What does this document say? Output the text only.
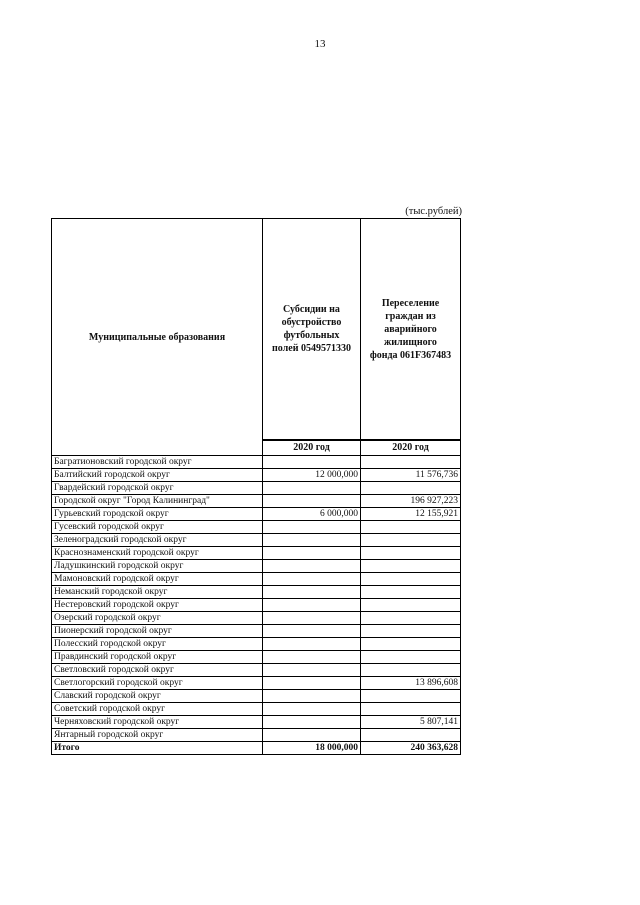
13
(тыс.рублей)
Муниципальные образования	Субсидии на обустройство футбольных полей 0549571330	Переселение граждан из аварийного жилищного фонда 061F367483
	2020 год	2020 год
Багратионовский городской округ		
Балтийский городской округ	12 000,000	11 576,736
Гвардейский городской округ		
Городской округ "Город Калининград"		196 927,223
Гурьевский городской округ	6 000,000	12 155,921
Гусевский городской округ		
Зеленоградский городской округ		
Краснознаменский городской округ		
Ладушкинский городской округ		
Мамоновский городской округ		
Неманский городской округ		
Нестеровский городской округ		
Озерский городской округ		
Пионерский городской округ		
Полесский городской округ		
Правдинский городской округ		
Светловский городской округ		
Светлогорский городской округ		13 896,608
Славский городской округ		
Советский городской округ		
Черняховский городской округ		5 807,141
Янтарный городской округ		
Итого	18 000,000	240 363,628
